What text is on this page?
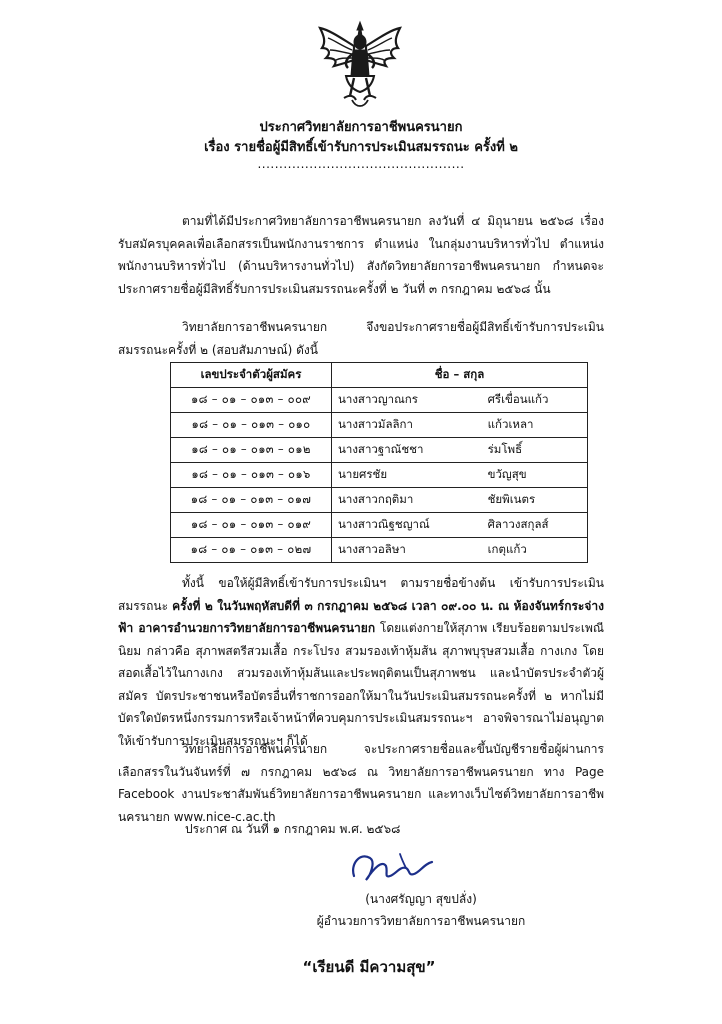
ประกาศวิทยาลัยการอาชีพนครนายก
เรื่อง รายชื่อผู้มีสิทธิ์เข้ารับการประเมินสมรรถนะ ครั้งที่ ๒
................................................

ตามที่ได้มีประกาศวิทยาลัยการอาชีพนครนายก ลงวันที่ ๔ มิถุนายน ๒๕๖๘ เรื่อง รับสมัครบุคคลเพื่อเลือกสรรเป็นพนักงานราชการ ตำแหน่ง ในกลุ่มงานบริหารทั่วไป ตำแหน่ง พนักงานบริหารทั่วไป (ด้านบริหารงานทั่วไป) สังกัดวิทยาลัยการอาชีพนครนายก กำหนดจะประกาศรายชื่อผู้มีสิทธิ์รับการประเมินสมรรถนะครั้งที่ ๒ วันที่ ๓ กรกฎาคม ๒๕๖๘ นั้น

วิทยาลัยการอาชีพนครนายก จึงขอประกาศรายชื่อผู้มีสิทธิ์เข้ารับการประเมินสมรรถนะครั้งที่ ๒ (สอบสัมภาษณ์) ดังนี้

เลขประจำตัวผู้สมัคร	ชื่อ – สกุล	
๑๘ – ๐๑ – ๐๑๓ – ๐๐๙	นางสาวญาณกร	ศรีเขื่อนแก้ว
๑๘ – ๐๑ – ๐๑๓ – ๐๑๐	นางสาวมัลลิกา	แก้วเหลา
๑๘ – ๐๑ – ๐๑๓ – ๐๑๒	นางสาวฐาณัชชา	ร่มโพธิ์
๑๘ – ๐๑ – ๐๑๓ – ๐๑๖	นายศรชัย	ขวัญสุข
๑๘ – ๐๑ – ๐๑๓ – ๐๑๗	นางสาวกฤติมา	ชัยพิเนตร
๑๘ – ๐๑ – ๐๑๓ – ๐๑๙	นางสาวณิฐชญาณ์	ศิลาวงสกุลส์
๑๘ – ๐๑ – ๐๑๓ – ๐๒๗	นางสาวอลิษา	เกตุแก้ว

ทั้งนี้ ขอให้ผู้มีสิทธิ์เข้ารับการประเมินฯ ตามรายชื่อข้างต้น เข้ารับการประเมินสมรรถนะ ครั้งที่ ๒ ในวันพฤหัสบดีที่ ๓ กรกฎาคม ๒๕๖๘ เวลา ๐๙.๐๐ น. ณ ห้องจันทร์กระจ่างฟ้า อาคารอำนวยการวิทยาลัยการอาชีพนครนายก โดยแต่งกายให้สุภาพ เรียบร้อยตามประเพณีนิยม กล่าวคือ สุภาพสตรีสวมเสื้อ กระโปรง สวมรองเท้าหุ้มส้น สุภาพบุรุษสวมเสื้อ กางเกง โดยสอดเสื้อไว้ในกางเกง สวมรองเท้าหุ้มส้นและประพฤติตนเป็นสุภาพชน และนำบัตรประจำตัวผู้สมัคร บัตรประชาชนหรือบัตรอื่นที่ราชการออกให้มาในวันประเมินสมรรถนะครั้งที่ ๒ หากไม่มีบัตรใดบัตรหนึ่งกรรมการหรือเจ้าหน้าที่ควบคุมการประเมินสมรรถนะฯ อาจพิจารณาไม่อนุญาตให้เข้ารับการประเมินสมรรถนะฯ ก็ได้

วิทยาลัยการอาชีพนครนายก จะประกาศรายชื่อและขึ้นบัญชีรายชื่อผู้ผ่านการเลือกสรรในวันจันทร์ที่ ๗ กรกฎาคม ๒๕๖๘ ณ วิทยาลัยการอาชีพนครนายก ทาง Page Facebook งานประชาสัมพันธ์วิทยาลัยการอาชีพนครนายก และทางเว็บไซต์วิทยาลัยการอาชีพนครนายก www.nice-c.ac.th

ประกาศ ณ วันที่ ๑ กรกฎาคม พ.ศ. ๒๕๖๘
(นางศรัญญา สุขปลั่ง)
ผู้อำนวยการวิทยาลัยการอาชีพนครนายก
“เรียนดี มีความสุข”
